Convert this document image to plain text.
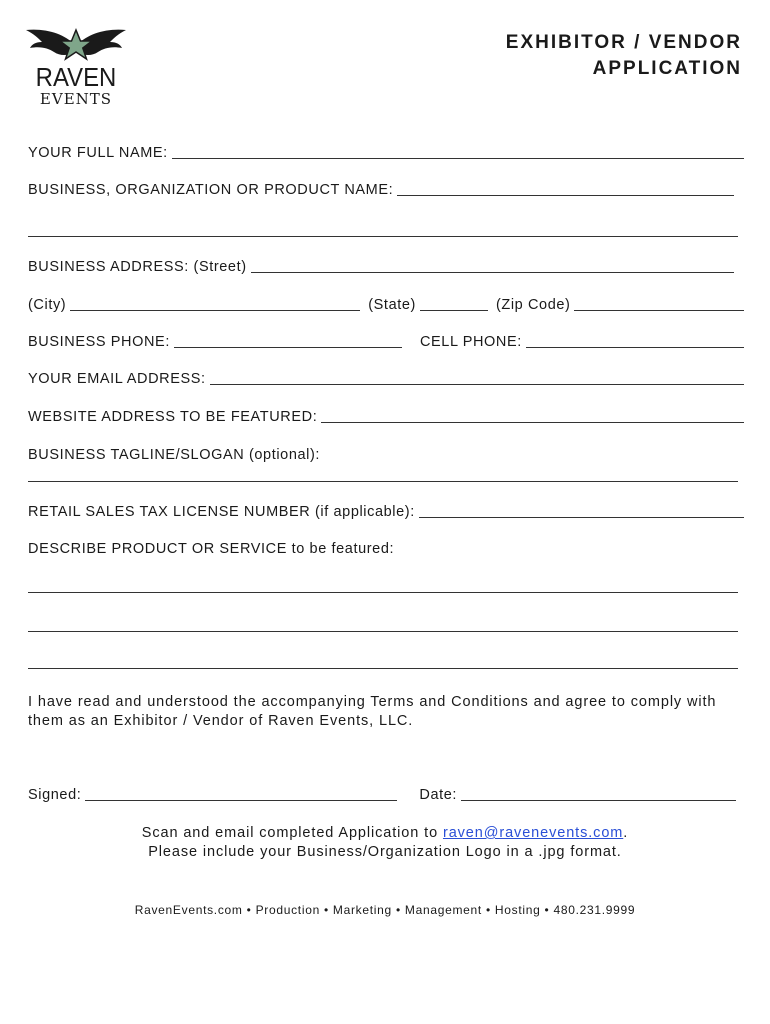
RAVEN
EVENTS
EXHIBITOR / VENDOR
APPLICATION
YOUR FULL NAME:
BUSINESS, ORGANIZATION OR PRODUCT NAME:
BUSINESS ADDRESS: (Street)
(City)	(State)	(Zip Code)
BUSINESS PHONE:	CELL PHONE:
YOUR EMAIL ADDRESS:
WEBSITE ADDRESS TO BE FEATURED:
BUSINESS TAGLINE/SLOGAN (optional):
RETAIL SALES TAX LICENSE NUMBER (if applicable):
DESCRIBE PRODUCT OR SERVICE to be featured:
I have read and understood the accompanying Terms and Conditions and agree to comply with them as an Exhibitor / Vendor of Raven Events, LLC.
Signed:	Date:
Scan and email completed Application to raven@ravenevents.com.
Please include your Business/Organization Logo in a .jpg format.
RavenEvents.com • Production • Marketing • Management • Hosting • 480.231.9999
